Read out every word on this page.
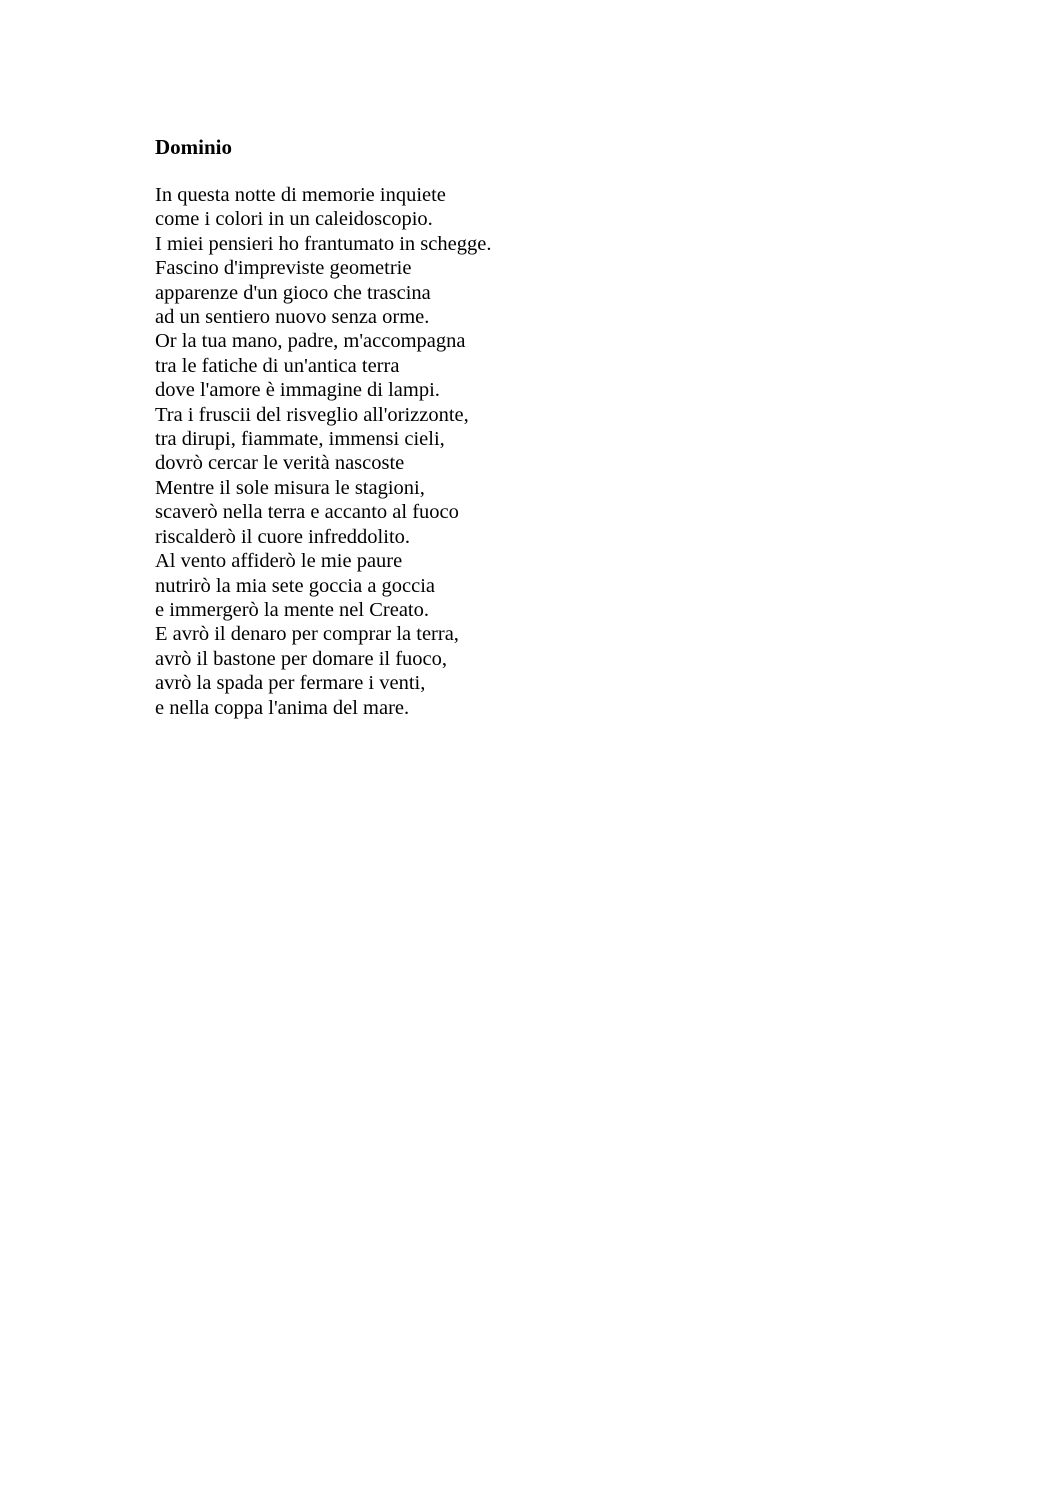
Dominio
In questa notte di memorie inquiete
come i colori in un caleidoscopio.
I miei pensieri ho frantumato in schegge.
Fascino d'impreviste geometrie
apparenze d'un gioco che trascina
ad un sentiero nuovo senza orme.
Or la tua mano, padre, m'accompagna
tra le fatiche di un'antica terra
dove l'amore è immagine di lampi.
Tra i fruscii del risveglio all'orizzonte,
tra dirupi, fiammate, immensi cieli,
dovrò cercar le verità nascoste
Mentre il sole misura le stagioni,
scaverò nella terra e accanto al fuoco
riscalderò il cuore infreddolito.
Al vento affiderò le mie paure
nutrirò la mia sete goccia a goccia
e immergerò la mente nel Creato.
E avrò il denaro per comprar la terra,
avrò il bastone per domare il fuoco,
avrò la spada per fermare i venti,
e nella coppa l'anima del mare.
